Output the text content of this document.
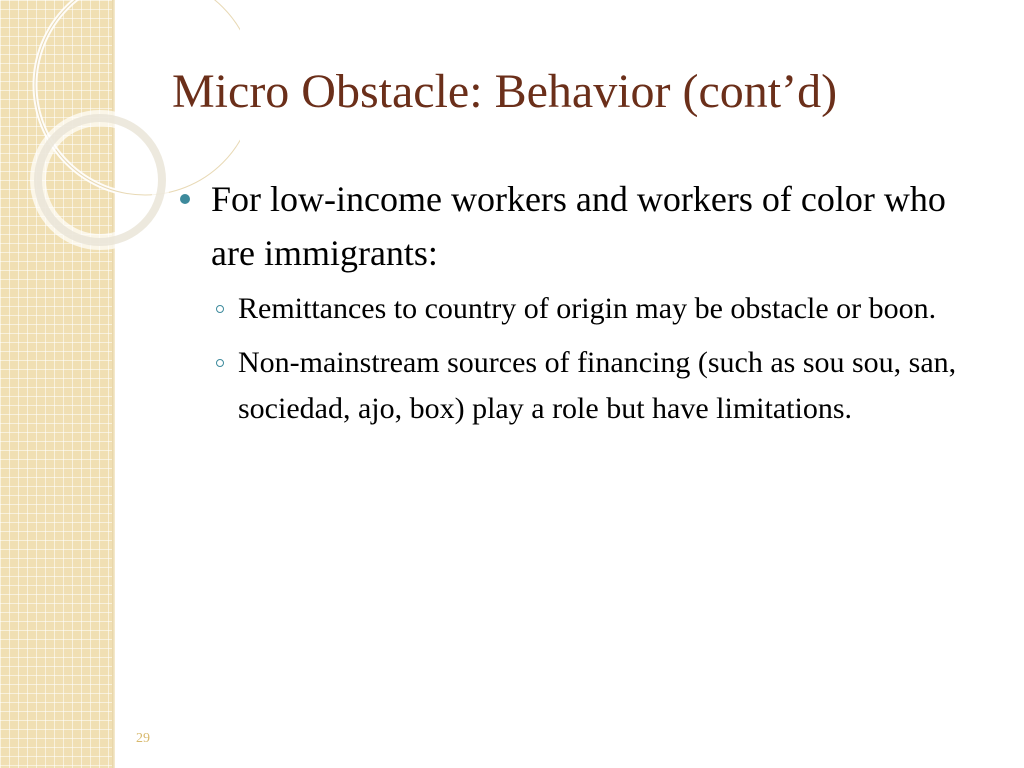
Micro Obstacle: Behavior (cont’d)
For low-income workers and workers of color who are immigrants:
Remittances to country of origin may be obstacle or boon.
Non-mainstream sources of financing (such as sou sou, san, sociedad, ajo, box) play a role but have limitations.
29
